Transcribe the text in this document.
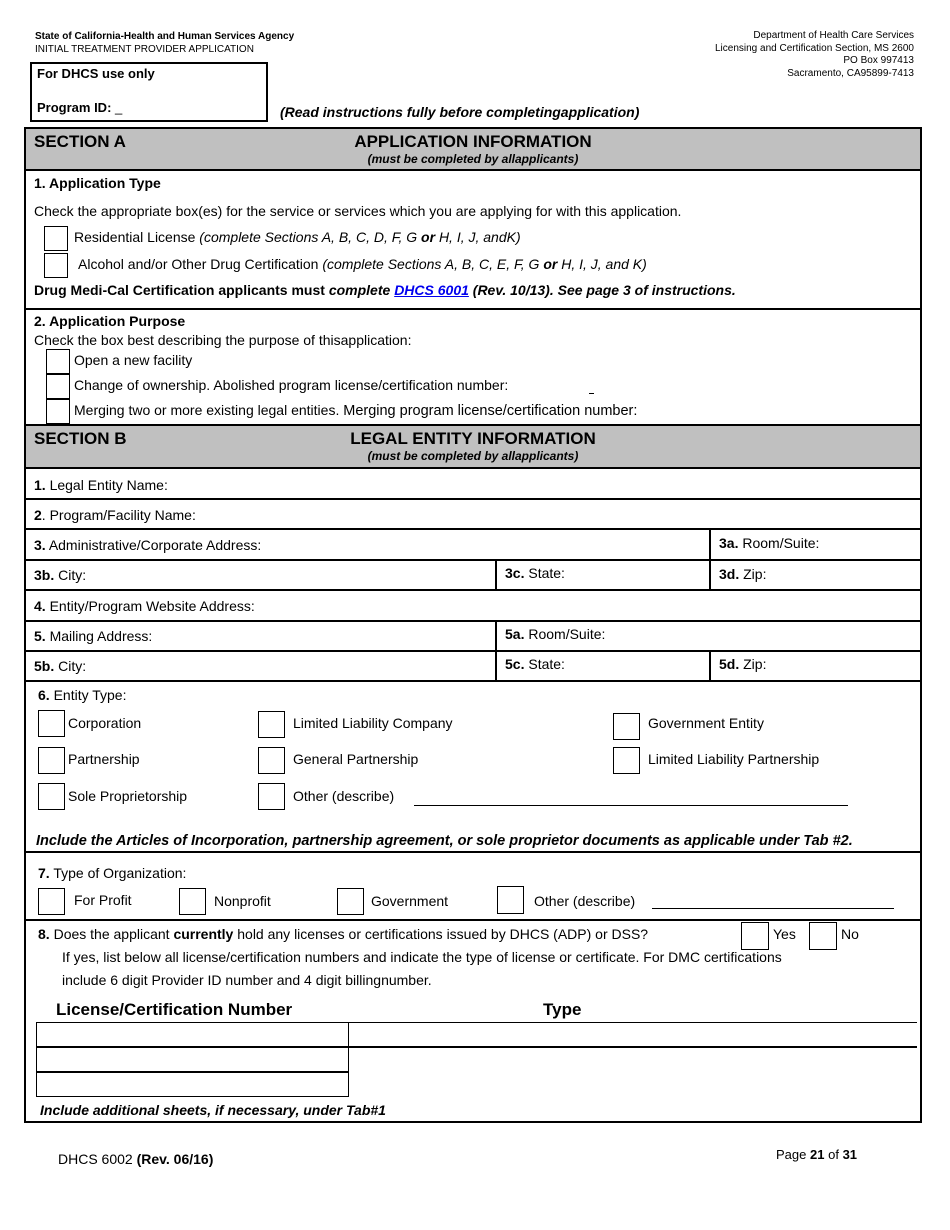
State of California-Health and Human Services Agency
INITIAL TREATMENT PROVIDER APPLICATION
Department of Health Care Services
Licensing and Certification Section, MS 2600
PO Box 997413
Sacramento, CA95899-7413
For DHCS use only
Program ID: _	(Read instructions fully before completingapplication)
SECTION A	APPLICATION INFORMATION
(must be completed by allapplicants)
1. Application Type
Check the appropriate box(es) for the service or services which you are applying for with this application.
Residential License (complete Sections A, B, C, D, F, G or H, I, J, andK)
Alcohol and/or Other Drug Certification (complete Sections A, B, C, E, F, G or H, I, J, and K)
Drug Medi-Cal Certification applicants must complete DHCS 6001 (Rev. 10/13). See page 3 of instructions.
2. Application Purpose
Check the box best describing the purpose of thisapplication:
Open a new facility
Change of ownership. Abolished program license/certification number:
Merging two or more existing legal entities. Merging program license/certification number:
SECTION B	LEGAL ENTITY INFORMATION
(must be completed by allapplicants)
1. Legal Entity Name:
2. Program/Facility Name:
3. Administrative/Corporate Address:	3a. Room/Suite:
3b. City:	3c. State:	3d. Zip:
4. Entity/Program Website Address:
5. Mailing Address:	5a. Room/Suite:
5b. City:	5c. State:	5d. Zip:
6. Entity Type:
Corporation	Limited Liability Company	Government Entity
Partnership	General Partnership	Limited Liability Partnership
Sole Proprietorship	Other (describe)
Include the Articles of Incorporation, partnership agreement, or sole proprietor documents as applicable under Tab #2.
7. Type of Organization:
For Profit	Nonprofit	Government	Other (describe)
8. Does the applicant currently hold any licenses or certifications issued by DHCS (ADP) or DSS?	Yes	No
If yes, list below all license/certification numbers and indicate the type of license or certificate. For DMC certifications
include 6 digit Provider ID number and 4 digit billingnumber.
License/Certification Number	Type
Include additional sheets, if necessary, under Tab#1
DHCS 6002 (Rev. 06/16)	Page 21 of 31
